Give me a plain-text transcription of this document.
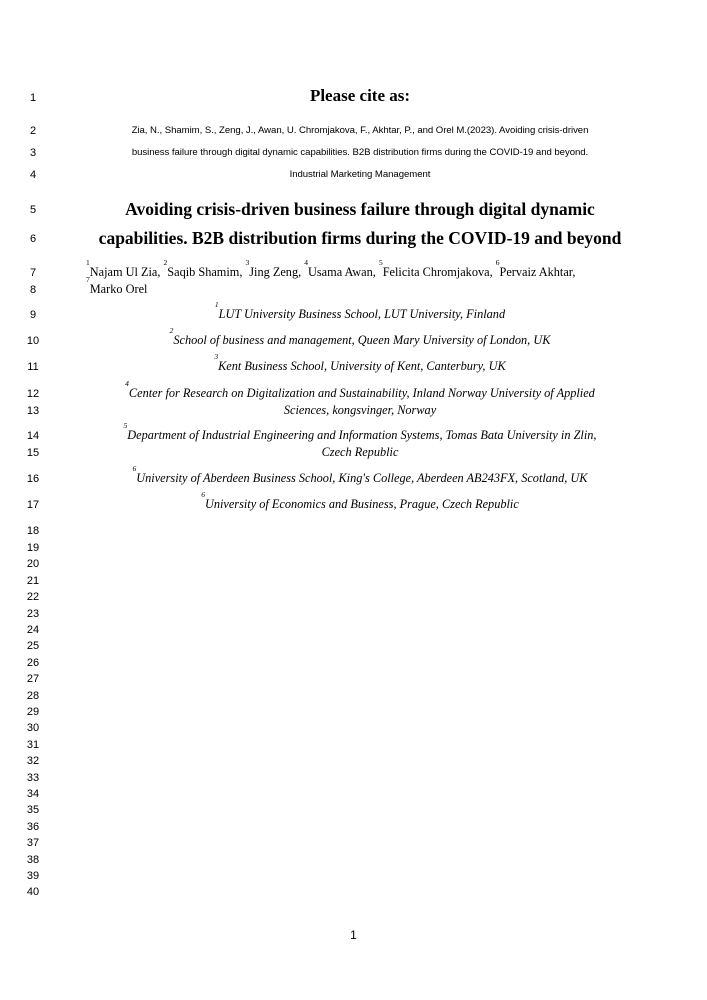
1
2
3
4
5
6
7
8
9
10
11
12
13
14
15
16
17
18
19
20
21
22
23
24
25
26
27
28
29
30
31
32
33
34
35
36
37
38
39
40
Please cite as:
Zia, N., Shamim, S., Zeng, J., Awan, U. Chromjakova, F., Akhtar, P., and Orel M.(2023). Avoiding crisis-driven
business failure through digital dynamic capabilities. B2B distribution firms during the COVID-19 and beyond.
Industrial Marketing Management
Avoiding crisis-driven business failure through digital dynamic
capabilities. B2B distribution firms during the COVID-19 and beyond
$^1$Najam Ul Zia, $^2$Saqib Shamim, $^3$Jing Zeng, $^4$Usama Awan, $^5$Felicita Chromjakova, $^6$Pervaiz Akhtar,
$^7$Marko Orel
$^1$LUT University Business School, LUT University, Finland
$^2$School of business and management, Queen Mary University of London, UK
$^3$Kent Business School, University of Kent, Canterbury, UK
$^4$Center for Research on Digitalization and Sustainability, Inland Norway University of Applied
Sciences, kongsvinger, Norway
$^5$Department of Industrial Engineering and Information Systems, Tomas Bata University in Zlin,
Czech Republic
$^6$University of Aberdeen Business School, King's College, Aberdeen AB243FX, Scotland, UK
$^6$University of Economics and Business, Prague, Czech Republic
1
